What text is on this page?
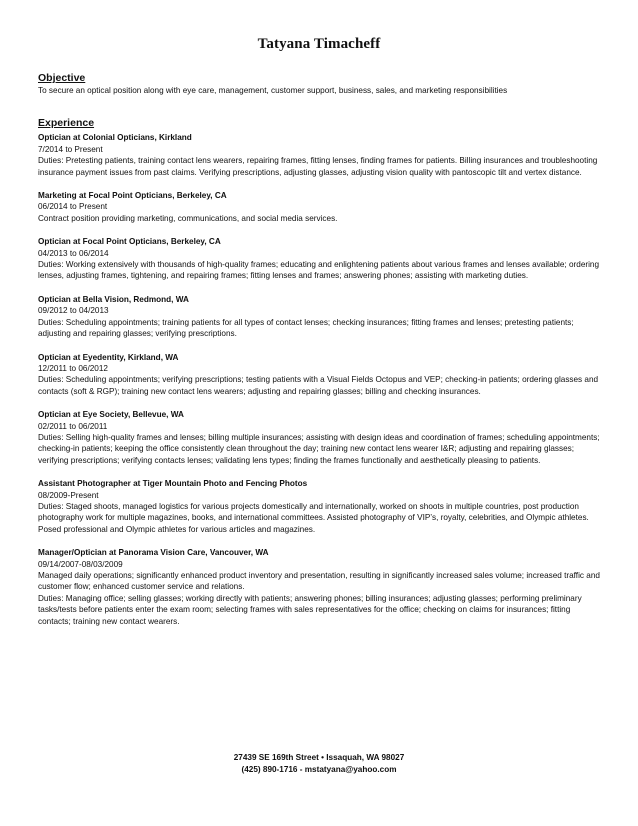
Tatyana Timacheff
Objective

To secure an optical position along with eye care, management, customer support, business, sales, and marketing responsibilities

Experience
Optician at Colonial Opticians, Kirkland
7/2014 to Present
Duties: Pretesting patients, training contact lens wearers, repairing frames, fitting lenses, finding frames for patients. Billing insurances and troubleshooting insurance payment issues from past claims. Verifying prescriptions, adjusting glasses, adjusting vision quality with pantoscopic tilt and vertex distance.
Marketing at Focal Point Opticians, Berkeley, CA
06/2014 to Present
Contract position providing marketing, communications, and social media services.
Optician at Focal Point Opticians, Berkeley, CA
04/2013 to 06/2014
Duties: Working extensively with thousands of high-quality frames; educating and enlightening patients about various frames and lenses available; ordering lenses, adjusting frames, tightening, and repairing frames; fitting lenses and frames; answering phones; assisting with marketing duties.
Optician at Bella Vision, Redmond, WA
09/2012 to 04/2013
Duties: Scheduling appointments; training patients for all types of contact lenses; checking insurances; fitting frames and lenses; pretesting patients; adjusting and repairing glasses; verifying prescriptions.
Optician at Eyedentity, Kirkland, WA
12/2011 to 06/2012
Duties: Scheduling appointments; verifying prescriptions; testing patients with a Visual Fields Octopus and VEP; checking-in patients; ordering glasses and contacts (soft & RGP); training new contact lens wearers; adjusting and repairing glasses; billing and checking insurances.
Optician at Eye Society, Bellevue, WA
02/2011 to 06/2011
Duties: Selling high-quality frames and lenses; billing multiple insurances; assisting with design ideas and coordination of frames; scheduling appointments; checking-in patients; keeping the office consistently clean throughout the day; training new contact lens wearer I&R; adjusting and repairing glasses; verifying prescriptions; verifying contacts lenses; validating lens types; finding the frames functionally and aesthetically pleasing to patients.
Assistant Photographer at Tiger Mountain Photo and Fencing Photos
08/2009-Present
Duties: Staged shoots, managed logistics for various projects domestically and internationally, worked on shoots in multiple countries, post production photography work for multiple magazines, books, and international committees. Assisted photography of VIP’s, royalty, celebrities, and Olympic athletes. Posed professional and Olympic athletes for various articles and magazines.
Manager/Optician at Panorama Vision Care, Vancouver, WA
09/14/2007-08/03/2009
Managed daily operations; significantly enhanced product inventory and presentation, resulting in significantly increased sales volume; increased traffic and customer flow; enhanced customer service and relations.
Duties: Managing office; selling glasses; working directly with patients; answering phones; billing insurances; adjusting glasses; performing preliminary tasks/tests before patients enter the exam room; selecting frames with sales representatives for the office; checking on claims for insurances; fitting contacts; training new contact wearers.
27439 SE 169th Street • Issaquah, WA 98027
(425) 890-1716 - mstatyana@yahoo.com
